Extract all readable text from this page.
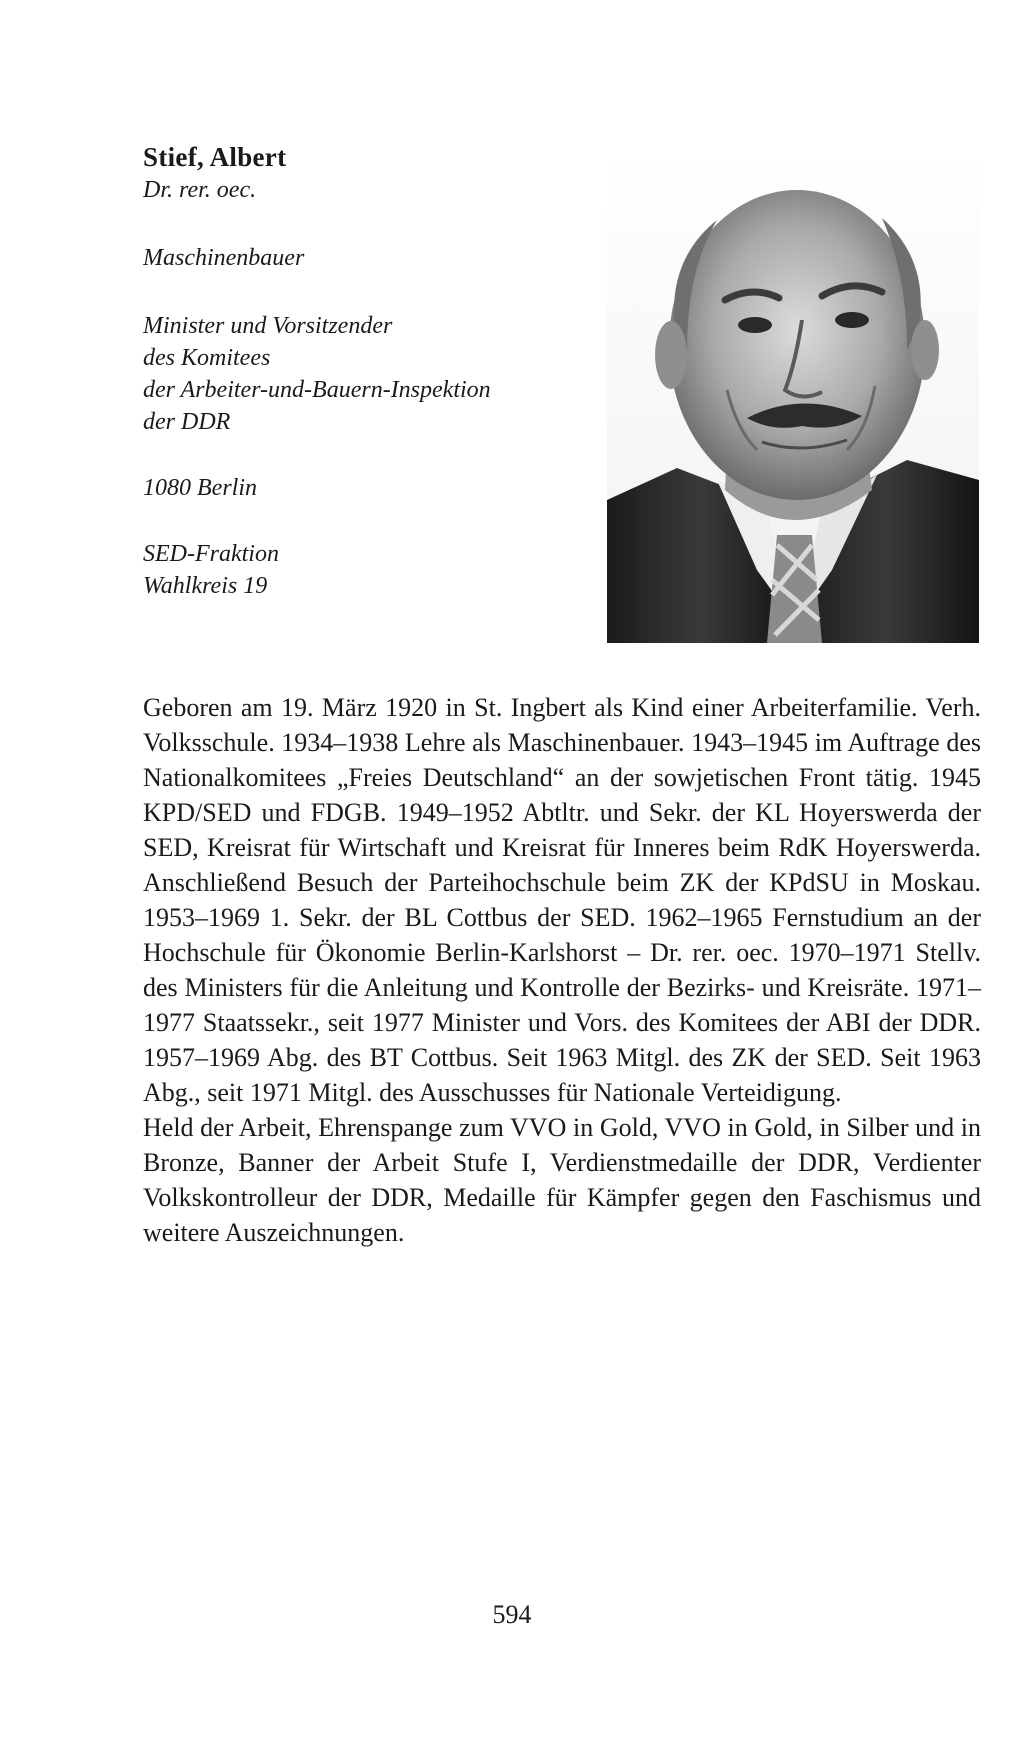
Stief, Albert
Dr. rer. oec.
Maschinenbauer
Minister und Vorsitzender
des Komitees
der Arbeiter-und-Bauern-Inspektion
der DDR
1080 Berlin
SED-Fraktion
Wahlkreis 19

Geboren am 19. März 1920 in St. Ingbert als Kind einer Arbeiterfamilie. Verh. Volksschule. 1934–1938 Lehre als Maschinenbauer. 1943–1945 im Auftrage des Nationalkomitees „Freies Deutschland“ an der sowjetischen Front tätig. 1945 KPD/SED und FDGB. 1949–1952 Abtltr. und Sekr. der KL Hoyerswerda der SED, Kreisrat für Wirtschaft und Kreisrat für Inneres beim RdK Hoyerswerda. Anschließend Besuch der Parteihochschule beim ZK der KPdSU in Moskau. 1953–1969 1. Sekr. der BL Cottbus der SED. 1962–1965 Fernstudium an der Hochschule für Ökonomie Berlin-Karlshorst – Dr. rer. oec. 1970–1971 Stellv. des Ministers für die Anleitung und Kontrolle der Bezirks- und Kreisräte. 1971–1977 Staatssekr., seit 1977 Minister und Vors. des Komitees der ABI der DDR. 1957–1969 Abg. des BT Cottbus. Seit 1963 Mitgl. des ZK der SED. Seit 1963 Abg., seit 1971 Mitgl. des Ausschusses für Nationale Verteidigung.

Held der Arbeit, Ehrenspange zum VVO in Gold, VVO in Gold, in Silber und in Bronze, Banner der Arbeit Stufe I, Verdienstmedaille der DDR, Verdienter Volkskontrolleur der DDR, Medaille für Kämpfer gegen den Faschismus und weitere Auszeichnungen.

594
